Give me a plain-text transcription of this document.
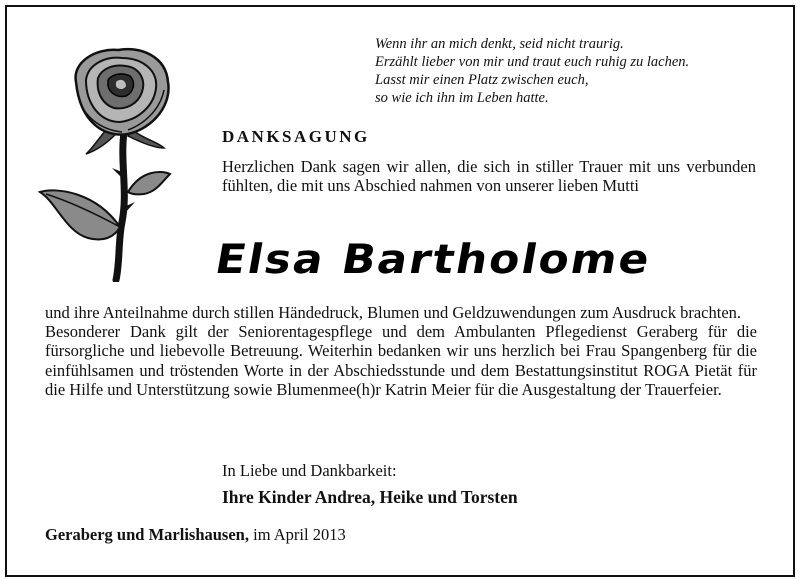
Wenn ihr an mich denkt, seid nicht traurig.
Erzählt lieber von mir und traut euch ruhig zu lachen.
Lasst mir einen Platz zwischen euch,
so wie ich ihn im Leben hatte.
DANKSAGUNG
Herzlichen Dank sagen wir allen, die sich in stiller Trauer mit uns verbunden fühlten, die mit uns Abschied nahmen von unserer lieben Mutti
Elsa Bartholome

und ihre Anteilnahme durch stillen Händedruck, Blumen und Geldzuwendungen zum Ausdruck brachten.

Besonderer Dank gilt der Seniorentagespflege und dem Ambulanten Pflegedienst Geraberg für die fürsorgliche und liebevolle Betreuung. Weiterhin bedanken wir uns herzlich bei Frau Spangenberg für die einfühlsamen und tröstenden Worte in der Abschiedsstunde und dem Bestattungsinstitut ROGA Pietät für die Hilfe und Unterstützung sowie Blumenmee(h)r Katrin Meier für die Ausgestaltung der Trauerfeier.

In Liebe und Dankbarkeit:
Ihre Kinder Andrea, Heike und Torsten
Geraberg und Marlishausen, im April 2013
